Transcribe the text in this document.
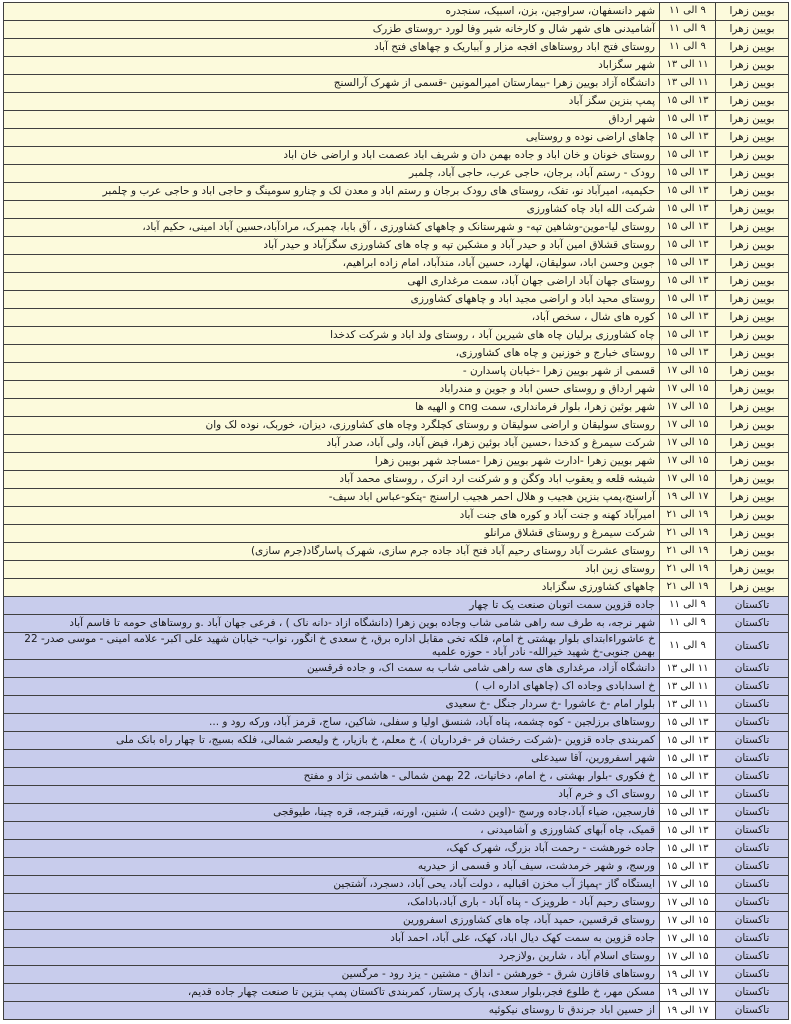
بویین زهرا	۹ الی ۱۱	شهر دانسفهان، سراوجین، بزن، اسبیک، سنجدره
بویین زهرا	۹ الی ۱۱	آشامیدنی های شهر شال و کارخانه شیر وفا لورد -روستای طزرک
بویین زهرا	۹ الی ۱۱	روستای فتح اباد روستاهای افجه مزار و آبباریک و چهاهای فتح آباد
بویین زهرا	۱۱ الی ۱۳	شهر سگزاباد
بویین زهرا	۱۱ الی ۱۳	دانشگاه آزاد بویین زهرا -بیمارستان امیرالمونین -قسمی از شهرک آرالسنج
بویین زهرا	۱۳ الی ۱۵	پمپ بنزین سگز آباد
بویین زهرا	۱۳ الی ۱۵	شهر ارداق
بویین زهرا	۱۳ الی ۱۵	چاهای اراضی نوده و روستایی
بویین زهرا	۱۳ الی ۱۵	روستای خونان و خان اباد و جاده بهمن دان و شریف اباد عصمت اباد و اراضی خان اباد
بویین زهرا	۱۳ الی ۱۵	رودک - رستم آباد، برجان، حاجی عرب، حاجی آباد، چلمبر
بویین زهرا	۱۳ الی ۱۵	حکیمیه، امیرآباد نو، تفک، روستای های رودک برجان و رستم اباد و معدن لک و چنارو سومینگ و حاجی اباد و حاجی عرب و چلمبر
بویین زهرا	۱۳ الی ۱۵	شرکت الله اباد چاه کشاورزی
بویین زهرا	۱۳ الی ۱۵	روستای لیا-موین-وشاهین تپه- و شهرستانک و چاههای کشاورزی ، آق بابا، چمبرک، مرادآباد،حسین آباد امینی، حکیم آباد،
بویین زهرا	۱۳ الی ۱۵	روستای قشلاق امین آباد و حیدر آباد و مشکین تپه و چاه های کشاورزی سگزآباد و حیدر آباد
بویین زهرا	۱۳ الی ۱۵	جوین وحسن اباد، سولیقان، لهارد، حسین آباد، مندآباد، امام زاده ابراهیم،
بویین زهرا	۱۳ الی ۱۵	روستای جهان آباد اراضی جهان آباد، سمت مرغداری الهی
بویین زهرا	۱۳ الی ۱۵	روستای محید اباد و اراضی مجید اباد و چاههای کشاورزی
بویین زهرا	۱۳ الی ۱۵	کوره های شال ، سخص آباد،
بویین زهرا	۱۳ الی ۱۵	چاه کشاورزی برلیان چاه های شیرین آباد ، روستای ولد اباد و شرکت کدخدا
بویین زهرا	۱۳ الی ۱۵	روستای خبارج و خوزنین و چاه های کشاورزی،
بویین زهرا	۱۵ الی ۱۷	قسمی از شهر بویین زهرا -خیابان پاسدارن -
بویین زهرا	۱۵ الی ۱۷	شهر ارداق و روستای حسن اباد و جوین و مندراباد
بویین زهرا	۱۵ الی ۱۷	شهر بوئین زهرا، بلوار فرمانداری، سمت cng و الهیه ها
بویین زهرا	۱۵ الی ۱۷	روستای سولیقان و اراضی سولیقان و روستای کچلگرد وچاه های کشاورزی، دیزان، خوربک، نوده لک وان
بویین زهرا	۱۵ الی ۱۷	شرکت سیمرغ و کدخدا ،حسین آباد بوئین زهرا، فیض آباد، ولی آباد، صدر آباد
بویین زهرا	۱۵ الی ۱۷	شهر بویین زهرا -ادارت شهر بویین زهرا -مساجد شهر بویین زهرا
بویین زهرا	۱۵ الی ۱۷	شیشه قلعه و یعقوب اباد وکگن و و شرکنت ارد اترک , روستای محمد آباد
بویین زهرا	۱۷ الی ۱۹	آراسنج،پمپ بنزین هجیب و هلال احمر هجیب اراسنج -پتکو-عباس اباد سیف-
بویین زهرا	۱۹ الی ۲۱	امیرآباد کهنه و جنت آباد و کوره های جنت آباد
بویین زهرا	۱۹ الی ۲۱	شرکت سیمرغ و روستای قشلاق مرانلو
بویین زهرا	۱۹ الی ۲۱	روستای عشرت آباد روستای رحیم آباد فتح آباد جاده جرم سازی، شهرک پاسارگاد(جرم سازی)
بویین زهرا	۱۹ الی ۲۱	روستای زین اباد
بویین زهرا	۱۹ الی ۲۱	چاههای کشاورزی سگزاباد
تاکستان	۹ الی ۱۱	جاده قزوین سمت اتوبان صنعت یک تا چهار
تاکستان	۹ الی ۱۱	شهر نرجه، به طرف سه راهی شامی شاب وجاده بوین زهرا (دانشگاه ازاد -دانه ناک ) ، فرعی جهان آباد .و روستاهای حومه تا قاسم آباد
تاکستان	۹ الی ۱۱	خ عاشوراءابتدای بلوار بهشتی خ امام، فلکه تخی مقابل اداره برق، خ سعدی خ انگور، نواب- خیابان شهید علی اکبر- علامه امینی - موسی صدر- 22 بهمن جنوبی-خ شهید خیرالله- نادر آباد - حوزه علمیه
تاکستان	۱۱ الی ۱۳	دانشگاه آزاد، مرغداری های سه راهی شامی شاب به سمت اک، و جاده قرقسین
تاکستان	۱۱ الی ۱۳	خ اسدابادی وجاده اک (چاههای اداره اب )
تاکستان	۱۱ الی ۱۳	بلوار امام -خ عاشورا -خ سردار جنگل -خ سعیدی
تاکستان	۱۳ الی ۱۵	روستاهای برزلجین - کوه چشمه، پناه آباد، شنسق اولیا و سفلی، شاکین، ساج، قرمز آباد، ورکه رود و ...
تاکستان	۱۳ الی ۱۵	کمربندی جاده قزوین -(شرکت رخشان فر -فرداریان )، خ معلم، خ بازیار، خ ولیعصر شمالی، فلکه بسیج، تا چهار راه بانک ملی
تاکستان	۱۳ الی ۱۵	شهر اسفرورین، آقا سیدعلی
تاکستان	۱۳ الی ۱۵	خ فکوری -بلوار بهشتی ، خ امام، دخانیات، 22 بهمن شمالی - هاشمی نژاد و مفتح
تاکستان	۱۳ الی ۱۵	روستای اک و خرم آباد
تاکستان	۱۳ الی ۱۵	فارسجین، ضیاء آباد،جاده ورسج -(اوین دشت )، شنین، اورنه، قینرجه، قره چینا، طیوقجی
تاکستان	۱۳ الی ۱۵	قمیک، چاه آبهای کشاورزی و آشامیدنی ،
تاکستان	۱۳ الی ۱۵	جاده خورهشت - رحمت آباد بزرگ، شهرک کهک،
تاکستان	۱۳ الی ۱۵	ورسج، و شهر خرمدشت، سیف آباد و قسمی از حیدریه
تاکستان	۱۵ الی ۱۷	ایستگاه گاز -پمپاژ آب مخزن اقبالیه ، دولت آباد، یحی آباد، دسجرد، آشتجین
تاکستان	۱۵ الی ۱۷	روستای رحیم آباد - طرویزک - پناه آباد - باری آباد،بادامک،
تاکستان	۱۵ الی ۱۷	روستای قرقسین، حمید آباد، چاه های کشاورزی اسفرورین
تاکستان	۱۵ الی ۱۷	جاده قزوین به سمت کهک دیال اباد، کهک، علی آباد، احمد آباد
تاکستان	۱۵ الی ۱۷	روستای اسلام آباد ، شارین ,ولازجرد
تاکستان	۱۷ الی ۱۹	روستاهای قاقازن شرق - خورهشن - انداق - مشتین - یزد رود - مرگسین
تاکستان	۱۷ الی ۱۹	مسکن مهر، خ طلوع فجر،بلوار سعدی، پارک پرستار، کمربندی تاکستان پمپ بنزین تا صنعت چهار جاده قدیم،
تاکستان	۱۷ الی ۱۹	از حسین اباد جرندق تا روستای نیکوئیه
